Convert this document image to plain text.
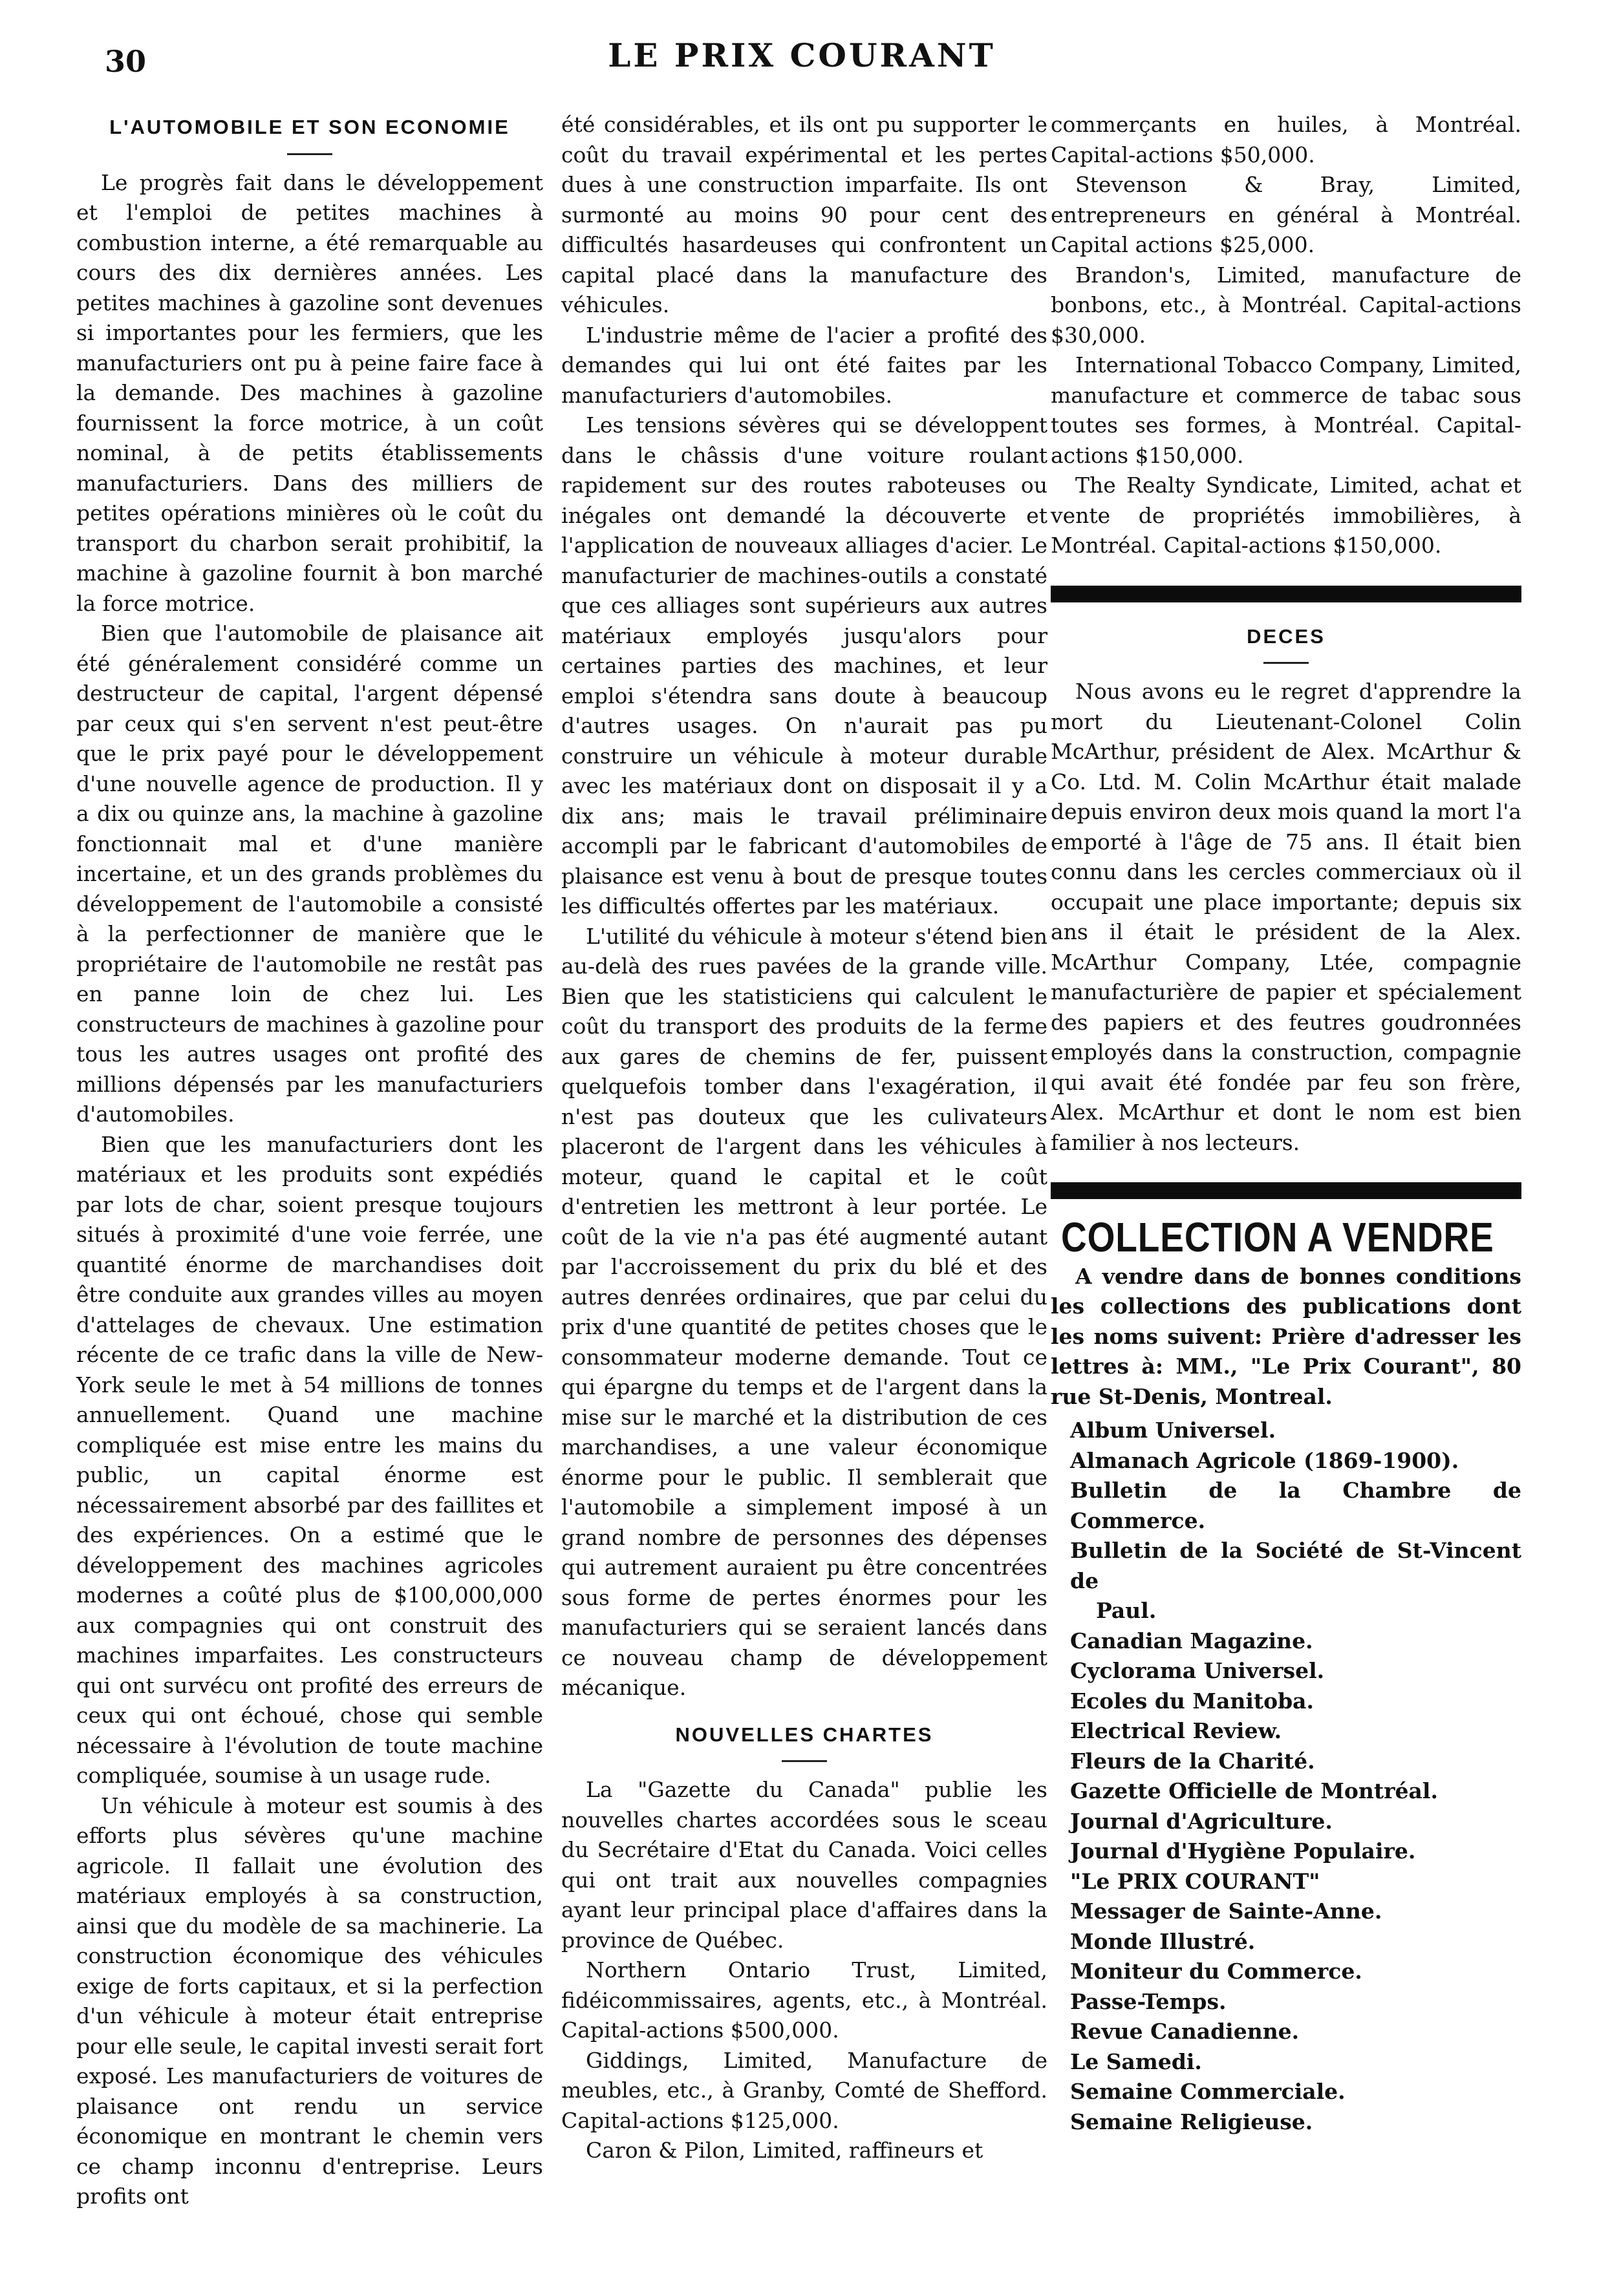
30	LE PRIX COURANT
L'AUTOMOBILE ET SON ECONOMIE

Le progrès fait dans le développement et l'emploi de petites machines à combustion interne, a été remarquable au cours des dix dernières années. Les petites machines à gazoline sont devenues si importantes pour les fermiers, que les manufacturiers ont pu à peine faire face à la demande. Des machines à gazoline fournissent la force motrice, à un coût nominal, à de petits établissements manufacturiers. Dans des milliers de petites opérations minières où le coût du transport du charbon serait prohibitif, la machine à gazoline fournit à bon marché la force motrice.

Bien que l'automobile de plaisance ait été généralement considéré comme un destructeur de capital, l'argent dépensé par ceux qui s'en servent n'est peut-être que le prix payé pour le développement d'une nouvelle agence de production. Il y a dix ou quinze ans, la machine à gazoline fonctionnait mal et d'une manière incertaine, et un des grands problèmes du développement de l'automobile a consisté à la perfectionner de manière que le propriétaire de l'automobile ne restât pas en panne loin de chez lui. Les constructeurs de machines à gazoline pour tous les autres usages ont profité des millions dépensés par les manufacturiers d'automobiles.

Bien que les manufacturiers dont les matériaux et les produits sont expédiés par lots de char, soient presque toujours situés à proximité d'une voie ferrée, une quantité énorme de marchandises doit être conduite aux grandes villes au moyen d'attelages de chevaux. Une estimation récente de ce trafic dans la ville de New-York seule le met à 54 millions de tonnes annuellement. Quand une machine compliquée est mise entre les mains du public, un capital énorme est nécessairement absorbé par des faillites et des expériences. On a estimé que le développement des machines agricoles modernes a coûté plus de $100,000,000 aux compagnies qui ont construit des machines imparfaites. Les constructeurs qui ont survécu ont profité des erreurs de ceux qui ont échoué, chose qui semble nécessaire à l'évolution de toute machine compliquée, soumise à un usage rude.

Un véhicule à moteur est soumis à des efforts plus sévères qu'une machine agricole. Il fallait une évolution des matériaux employés à sa construction, ainsi que du modèle de sa machinerie. La construction économique des véhicules exige de forts capitaux, et si la perfection d'un véhicule à moteur était entreprise pour elle seule, le capital investi serait fort exposé. Les manufacturiers de voitures de plaisance ont rendu un service économique en montrant le chemin vers ce champ inconnu d'entreprise. Leurs profits ont

été considérables, et ils ont pu supporter le coût du travail expérimental et les pertes dues à une construction imparfaite. Ils ont surmonté au moins 90 pour cent des difficultés hasardeuses qui confrontent un capital placé dans la manufacture des véhicules.

L'industrie même de l'acier a profité des demandes qui lui ont été faites par les manufacturiers d'automobiles.

Les tensions sévères qui se développent dans le châssis d'une voiture roulant rapidement sur des routes raboteuses ou inégales ont demandé la découverte et l'application de nouveaux alliages d'acier. Le manufacturier de machines-outils a constaté que ces alliages sont supérieurs aux autres matériaux employés jusqu'alors pour certaines parties des machines, et leur emploi s'étendra sans doute à beaucoup d'autres usages. On n'aurait pas pu construire un véhicule à moteur durable avec les matériaux dont on disposait il y a dix ans; mais le travail préliminaire accompli par le fabricant d'automobiles de plaisance est venu à bout de presque toutes les difficultés offertes par les matériaux.

L'utilité du véhicule à moteur s'étend bien au-delà des rues pavées de la grande ville. Bien que les statisticiens qui calculent le coût du transport des produits de la ferme aux gares de chemins de fer, puissent quelquefois tomber dans l'exagération, il n'est pas douteux que les culivateurs placeront de l'argent dans les véhicules à moteur, quand le capital et le coût d'entretien les mettront à leur portée. Le coût de la vie n'a pas été augmenté autant par l'accroissement du prix du blé et des autres denrées ordinaires, que par celui du prix d'une quantité de petites choses que le consommateur moderne demande. Tout ce qui épargne du temps et de l'argent dans la mise sur le marché et la distribution de ces marchandises, a une valeur économique énorme pour le public. Il semblerait que l'automobile a simplement imposé à un grand nombre de personnes des dépenses qui autrement auraient pu être concentrées sous forme de pertes énormes pour les manufacturiers qui se seraient lancés dans ce nouveau champ de développement mécanique.

NOUVELLES CHARTES

La "Gazette du Canada" publie les nouvelles chartes accordées sous le sceau du Secrétaire d'Etat du Canada. Voici celles qui ont trait aux nouvelles compagnies ayant leur principal place d'affaires dans la province de Québec.

Northern Ontario Trust, Limited, fidéicommissaires, agents, etc., à Montréal. Capital-actions $500,000.

Giddings, Limited, Manufacture de meubles, etc., à Granby, Comté de Shefford. Capital-actions $125,000.

Caron & Pilon, Limited, raffineurs et

commerçants en huiles, à Montréal. Capital-actions $50,000.

Stevenson & Bray, Limited, entrepreneurs en général à Montréal. Capital actions $25,000.

Brandon's, Limited, manufacture de bonbons, etc., à Montréal. Capital-actions $30,000.

International Tobacco Company, Limited, manufacture et commerce de tabac sous toutes ses formes, à Montréal. Capital-actions $150,000.

The Realty Syndicate, Limited, achat et vente de propriétés immobilières, à Montréal. Capital-actions $150,000.

DECES

Nous avons eu le regret d'apprendre la mort du Lieutenant-Colonel Colin McArthur, président de Alex. McArthur & Co. Ltd. M. Colin McArthur était malade depuis environ deux mois quand la mort l'a emporté à l'âge de 75 ans. Il était bien connu dans les cercles commerciaux où il occupait une place importante; depuis six ans il était le président de la Alex. McArthur Company, Ltée, compagnie manufacturière de papier et spécialement des papiers et des feutres goudronnées employés dans la construction, compagnie qui avait été fondée par feu son frère, Alex. McArthur et dont le nom est bien familier à nos lecteurs.

COLLECTION A VENDRE

A vendre dans de bonnes conditions les collections des publications dont les noms suivent: Prière d'adresser les lettres à: MM., "Le Prix Courant", 80 rue St-Denis, Montreal.

Album Universel.
Almanach Agricole (1869-1900).
Bulletin de la Chambre de Commerce.
Bulletin de la Société de St-Vincent de
Paul.
Canadian Magazine.
Cyclorama Universel.
Ecoles du Manitoba.
Electrical Review.
Fleurs de la Charité.
Gazette Officielle de Montréal.
Journal d'Agriculture.
Journal d'Hygiène Populaire.
"Le PRIX COURANT"
Messager de Sainte-Anne.
Monde Illustré.
Moniteur du Commerce.
Passe-Temps.
Revue Canadienne.
Le Samedi.
Semaine Commerciale.
Semaine Religieuse.
